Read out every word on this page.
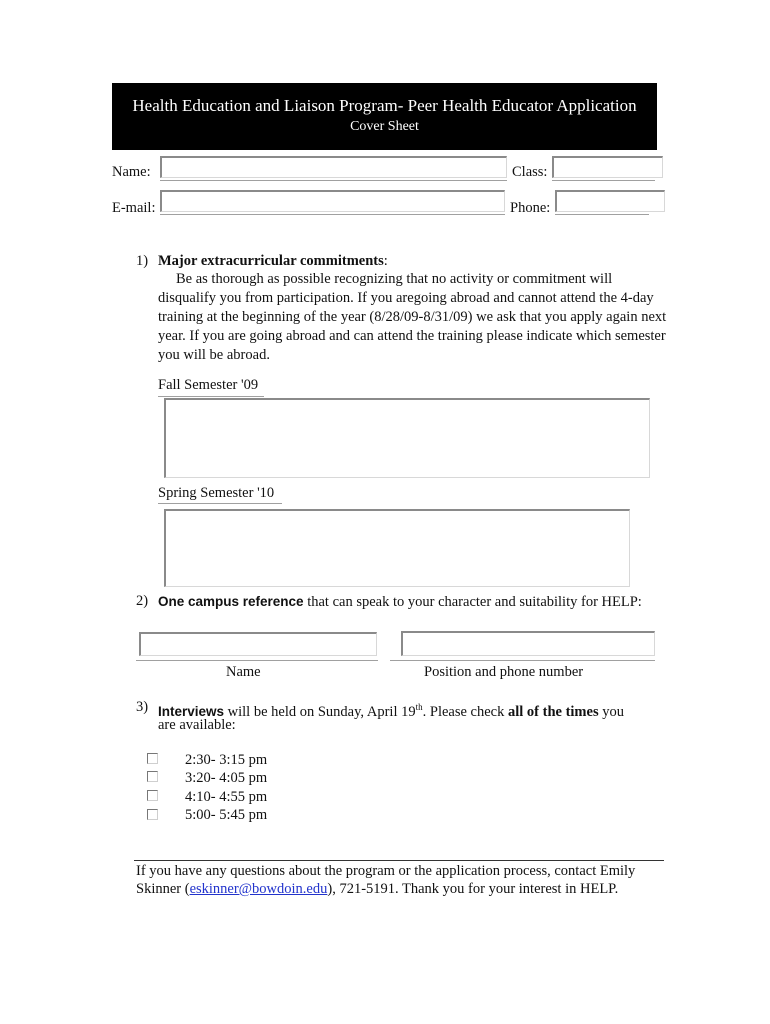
Health Education and Liaison Program- Peer Health Educator Application
Cover Sheet
Name:	Class:
E-mail:	Phone:
1) Major extracurricular commitments:
Be as thorough as possible recognizing that no activity or commitment will disqualify you from participation. If you aregoing abroad and cannot attend the 4-day training at the beginning of the year (8/28/09-8/31/09) we ask that you apply again next year. If you are going abroad and can attend the training please indicate which semester you will be abroad.
Fall Semester '09
Spring Semester '10
2) One campus reference that can speak to your character and suitability for HELP:
Name	Position and phone number
3) Interviews will be held on Sunday, April 19th. Please check all of the times you
are available:
2:30- 3:15 pm
3:20- 4:05 pm
4:10- 4:55 pm
5:00- 5:45 pm
If you have any questions about the program or the application process, contact Emily
Skinner (eskinner@bowdoin.edu), 721-5191. Thank you for your interest in HELP.
